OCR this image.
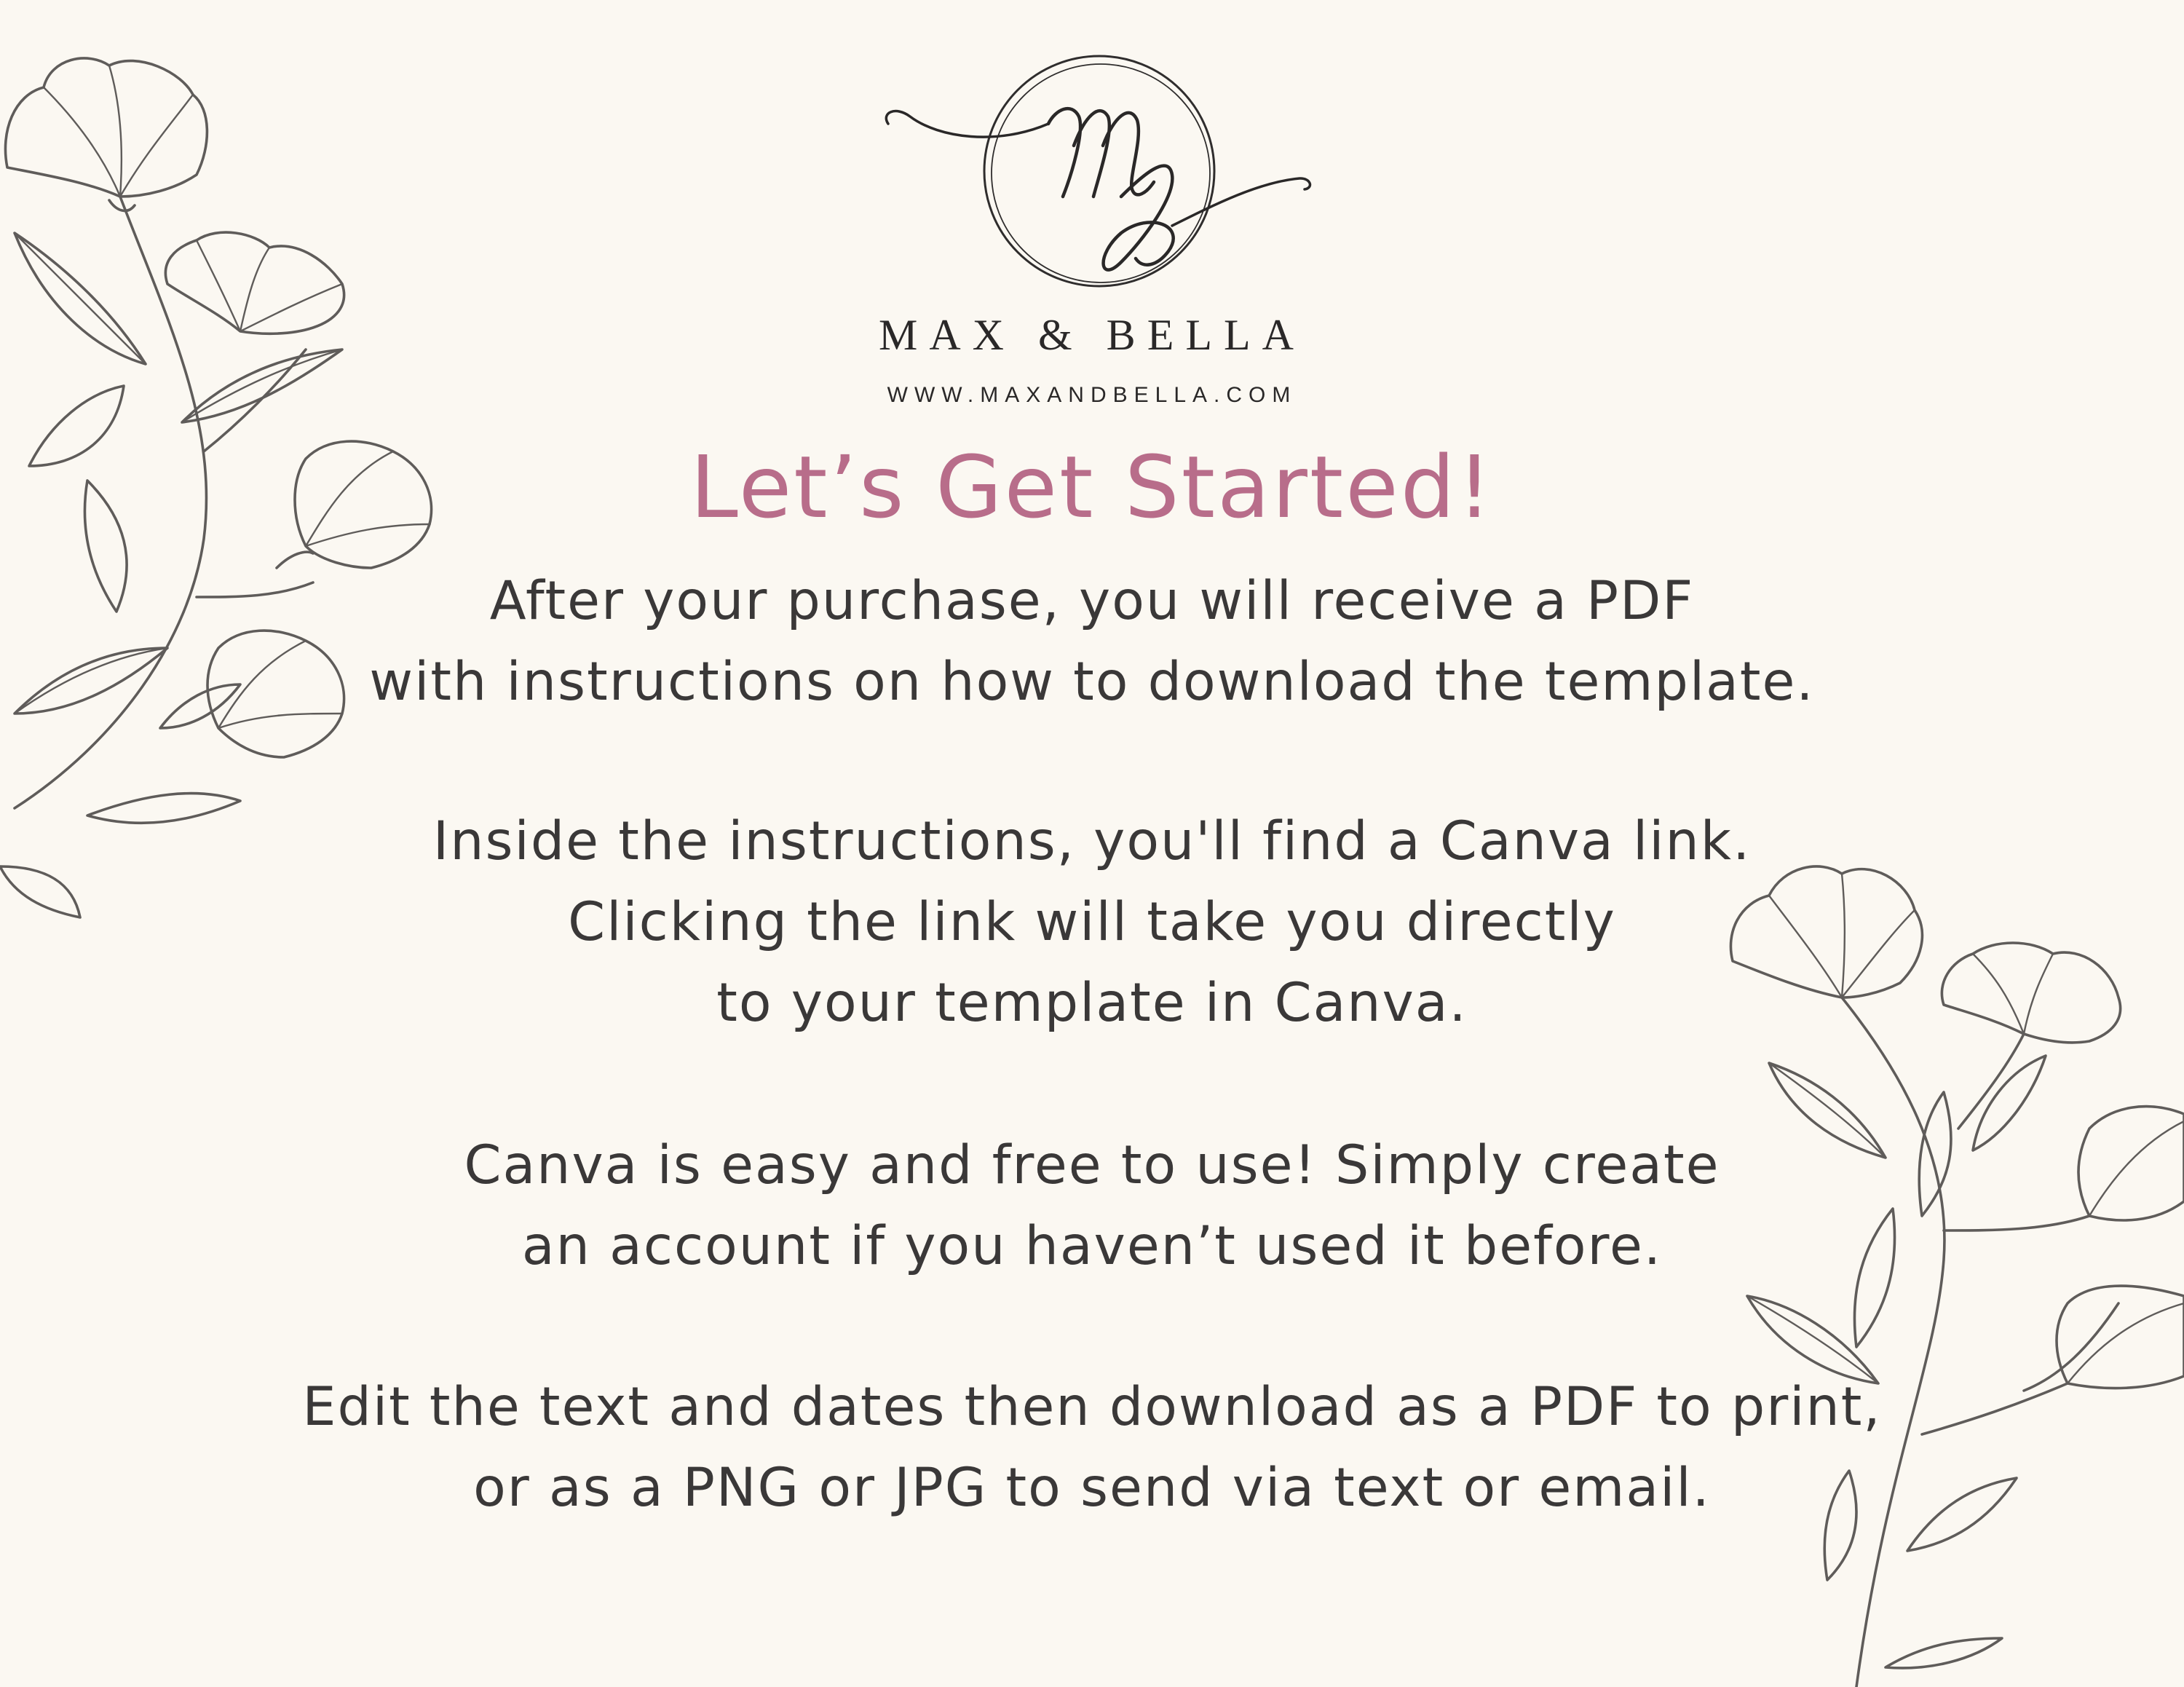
MAX & BELLA
WWW.MAXANDBELLA.COM
Let’s Get Started!
After your purchase, you will receive a PDF
with instructions on how to download the template.
Inside the instructions, you'll find a Canva link.
Clicking the link will take you directly
to your template in Canva.
Canva is easy and free to use! Simply create
an account if you haven’t used it before.
Edit the text and dates then download as a PDF to print,
or as a PNG or JPG to send via text or email.
